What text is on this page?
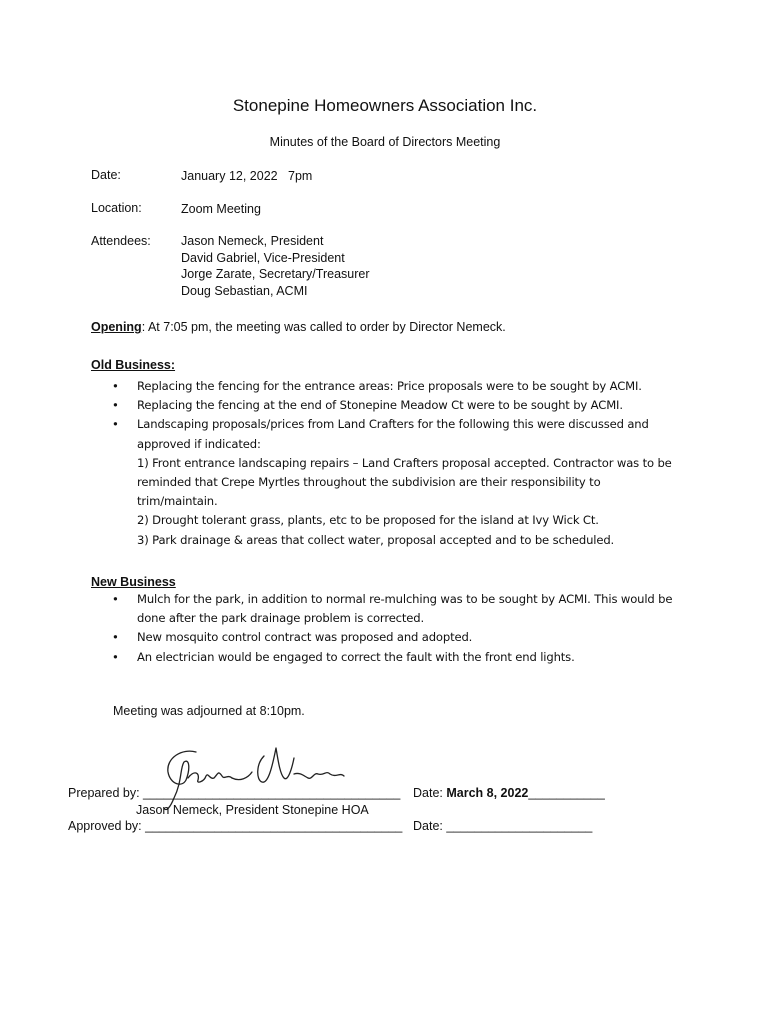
Stonepine Homeowners Association Inc.
Minutes of the Board of Directors Meeting
Date:	January 12, 2022   7pm
Location:	Zoom Meeting
Attendees: Jason Nemeck, President
David Gabriel, Vice-President
Jorge Zarate, Secretary/Treasurer
Doug Sebastian, ACMI
Opening: At 7:05 pm, the meeting was called to order by Director Nemeck.
Old Business:
• Replacing the fencing for the entrance areas: Price proposals were to be sought by ACMI.
• Replacing the fencing at the end of Stonepine Meadow Ct were to be sought by ACMI.
• Landscaping proposals/prices from Land Crafters for the following this were discussed and approved if indicated:
1) Front entrance landscaping repairs – Land Crafters proposal accepted. Contractor was to be reminded that Crepe Myrtles throughout the subdivision are their responsibility to trim/maintain.
2) Drought tolerant grass, plants, etc to be proposed for the island at Ivy Wick Ct.
3) Park drainage & areas that collect water, proposal accepted and to be scheduled.
New Business
• Mulch for the park, in addition to normal re-mulching was to be sought by ACMI. This would be done after the park drainage problem is corrected.
• New mosquito control contract was proposed and adopted.
• An electrician would be engaged to correct the fault with the front end lights.
Meeting was adjourned at 8:10pm.
Prepared by: _____________________________________ Date: March 8, 2022___________
Jason Nemeck, President Stonepine HOA
Approved by: _____________________________________ Date: _____________________
